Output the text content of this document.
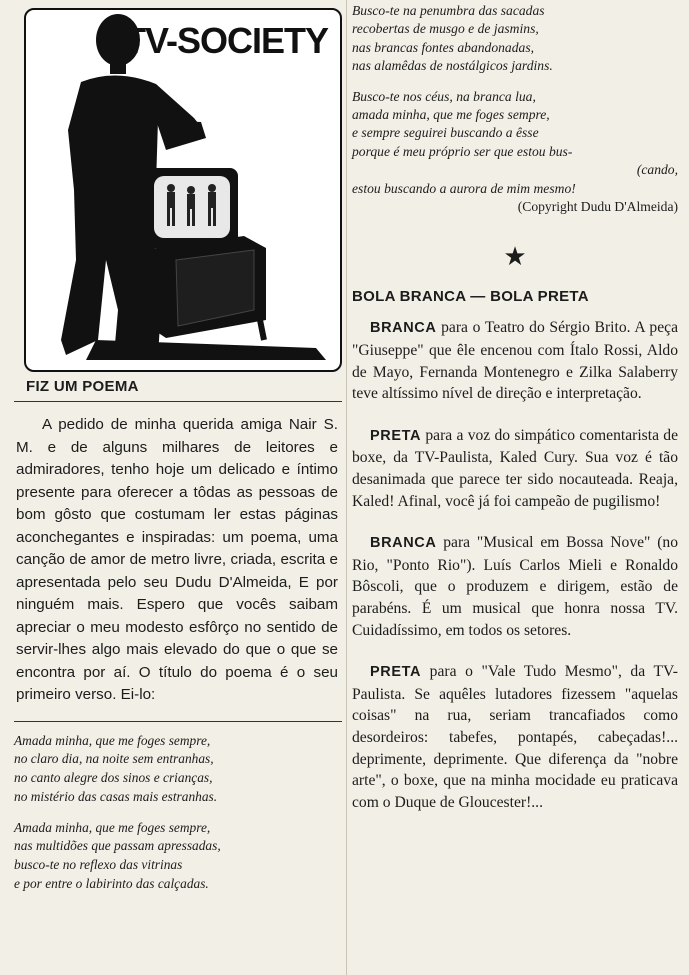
TV-SOCIETY
FIZ UM POEMA

A pedido de minha querida amiga Nair S. M. e de alguns milhares de leitores e admiradores, tenho hoje um delicado e íntimo presente para oferecer a tôdas as pessoas de bom gôsto que costumam ler estas páginas aconchegantes e inspiradas: um poema, uma canção de amor de metro livre, criada, escrita e apresentada pelo seu Dudu D'Almeida, E por ninguém mais. Espero que vocês saibam apreciar o meu modesto esfôrço no sentido de servir-lhes algo mais elevado do que o que se encontra por aí. O título do poema é o seu primeiro verso. Ei-lo:

Amada minha, que me foges sempre,
no claro dia, na noite sem entranhas,
no canto alegre dos sinos e crianças,
no mistério das casas mais estranhas.
Amada minha, que me foges sempre,
nas multidões que passam apressadas,
busco-te no reflexo das vitrinas
e por entre o labirinto das calçadas.
Busco-te na penumbra das sacadas
recobertas de musgo e de jasmins,
nas brancas fontes abandonadas,
nas alamêdas de nostálgicos jardins.
Busco-te nos céus, na branca lua,
amada minha, que me foges sempre,
e sempre seguirei buscando a êsse
porque é meu próprio ser que estou bus-
(cando,
estou buscando a aurora de mim mesmo!
(Copyright Dudu D'Almeida)

★

BOLA BRANCA — BOLA PRETA

BRANCA para o Teatro do Sérgio Brito. A peça "Giuseppe" que êle encenou com Ítalo Rossi, Aldo de Mayo, Fernanda Montenegro e Zilka Salaberry teve altíssimo nível de direção e interpretação.

PRETA para a voz do simpático comentarista de boxe, da TV-Paulista, Kaled Cury. Sua voz é tão desanimada que parece ter sido nocauteada. Reaja, Kaled! Afinal, você já foi campeão de pugilismo!

BRANCA para "Musical em Bossa Nove" (no Rio, "Ponto Rio"). Luís Carlos Mieli e Ronaldo Bôscoli, que o produzem e dirigem, estão de parabéns. É um musical que honra nossa TV. Cuidadíssimo, em todos os setores.

PRETA para o "Vale Tudo Mesmo", da TV-Paulista. Se aquêles lutadores fizessem "aquelas coisas" na rua, seriam trancafiados como desordeiros: tabefes, pontapés, cabeçadas!... deprimente, deprimente. Que diferença da "nobre arte", o boxe, que na minha mocidade eu praticava com o Duque de Gloucester!...
